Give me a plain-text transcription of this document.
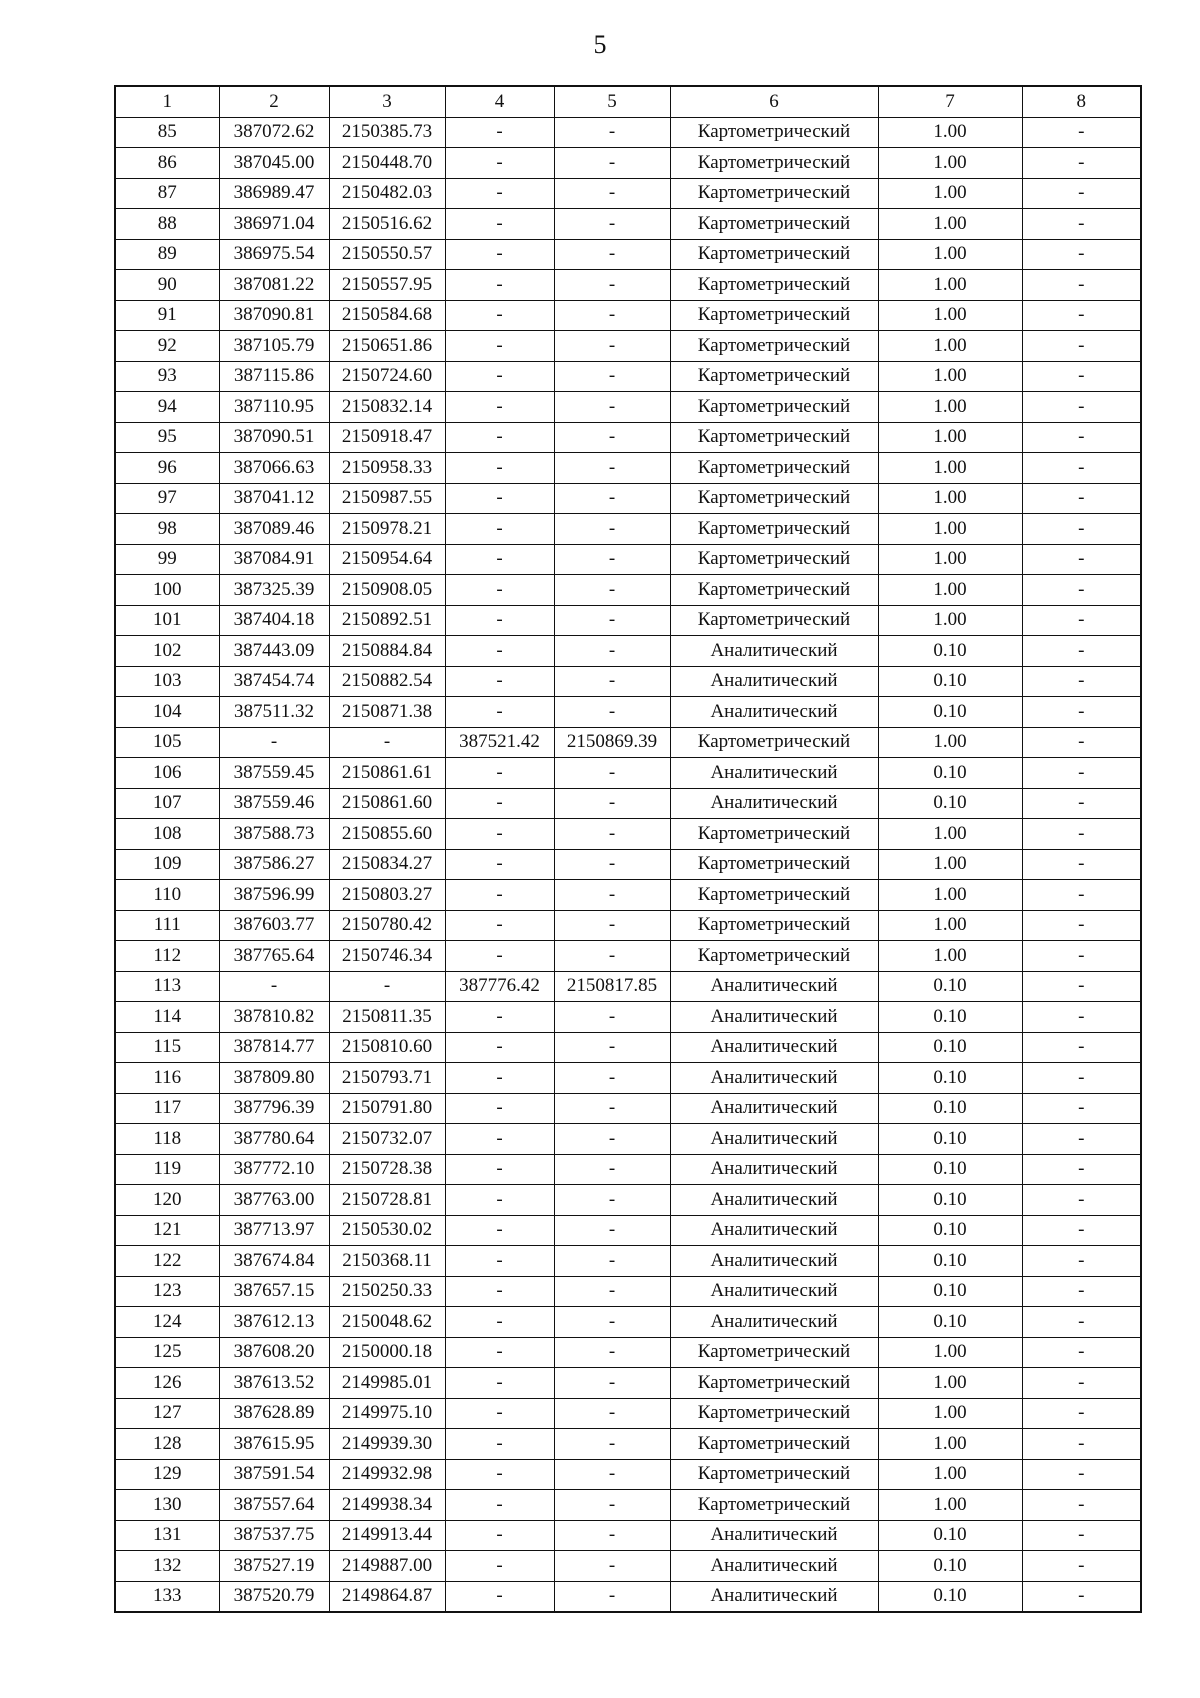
5
1	2	3	4	5	6	7	8
85	387072.62	2150385.73	-	-	Картометрический	1.00	-
86	387045.00	2150448.70	-	-	Картометрический	1.00	-
87	386989.47	2150482.03	-	-	Картометрический	1.00	-
88	386971.04	2150516.62	-	-	Картометрический	1.00	-
89	386975.54	2150550.57	-	-	Картометрический	1.00	-
90	387081.22	2150557.95	-	-	Картометрический	1.00	-
91	387090.81	2150584.68	-	-	Картометрический	1.00	-
92	387105.79	2150651.86	-	-	Картометрический	1.00	-
93	387115.86	2150724.60	-	-	Картометрический	1.00	-
94	387110.95	2150832.14	-	-	Картометрический	1.00	-
95	387090.51	2150918.47	-	-	Картометрический	1.00	-
96	387066.63	2150958.33	-	-	Картометрический	1.00	-
97	387041.12	2150987.55	-	-	Картометрический	1.00	-
98	387089.46	2150978.21	-	-	Картометрический	1.00	-
99	387084.91	2150954.64	-	-	Картометрический	1.00	-
100	387325.39	2150908.05	-	-	Картометрический	1.00	-
101	387404.18	2150892.51	-	-	Картометрический	1.00	-
102	387443.09	2150884.84	-	-	Аналитический	0.10	-
103	387454.74	2150882.54	-	-	Аналитический	0.10	-
104	387511.32	2150871.38	-	-	Аналитический	0.10	-
105	-	-	387521.42	2150869.39	Картометрический	1.00	-
106	387559.45	2150861.61	-	-	Аналитический	0.10	-
107	387559.46	2150861.60	-	-	Аналитический	0.10	-
108	387588.73	2150855.60	-	-	Картометрический	1.00	-
109	387586.27	2150834.27	-	-	Картометрический	1.00	-
110	387596.99	2150803.27	-	-	Картометрический	1.00	-
111	387603.77	2150780.42	-	-	Картометрический	1.00	-
112	387765.64	2150746.34	-	-	Картометрический	1.00	-
113	-	-	387776.42	2150817.85	Аналитический	0.10	-
114	387810.82	2150811.35	-	-	Аналитический	0.10	-
115	387814.77	2150810.60	-	-	Аналитический	0.10	-
116	387809.80	2150793.71	-	-	Аналитический	0.10	-
117	387796.39	2150791.80	-	-	Аналитический	0.10	-
118	387780.64	2150732.07	-	-	Аналитический	0.10	-
119	387772.10	2150728.38	-	-	Аналитический	0.10	-
120	387763.00	2150728.81	-	-	Аналитический	0.10	-
121	387713.97	2150530.02	-	-	Аналитический	0.10	-
122	387674.84	2150368.11	-	-	Аналитический	0.10	-
123	387657.15	2150250.33	-	-	Аналитический	0.10	-
124	387612.13	2150048.62	-	-	Аналитический	0.10	-
125	387608.20	2150000.18	-	-	Картометрический	1.00	-
126	387613.52	2149985.01	-	-	Картометрический	1.00	-
127	387628.89	2149975.10	-	-	Картометрический	1.00	-
128	387615.95	2149939.30	-	-	Картометрический	1.00	-
129	387591.54	2149932.98	-	-	Картометрический	1.00	-
130	387557.64	2149938.34	-	-	Картометрический	1.00	-
131	387537.75	2149913.44	-	-	Аналитический	0.10	-
132	387527.19	2149887.00	-	-	Аналитический	0.10	-
133	387520.79	2149864.87	-	-	Аналитический	0.10	-
